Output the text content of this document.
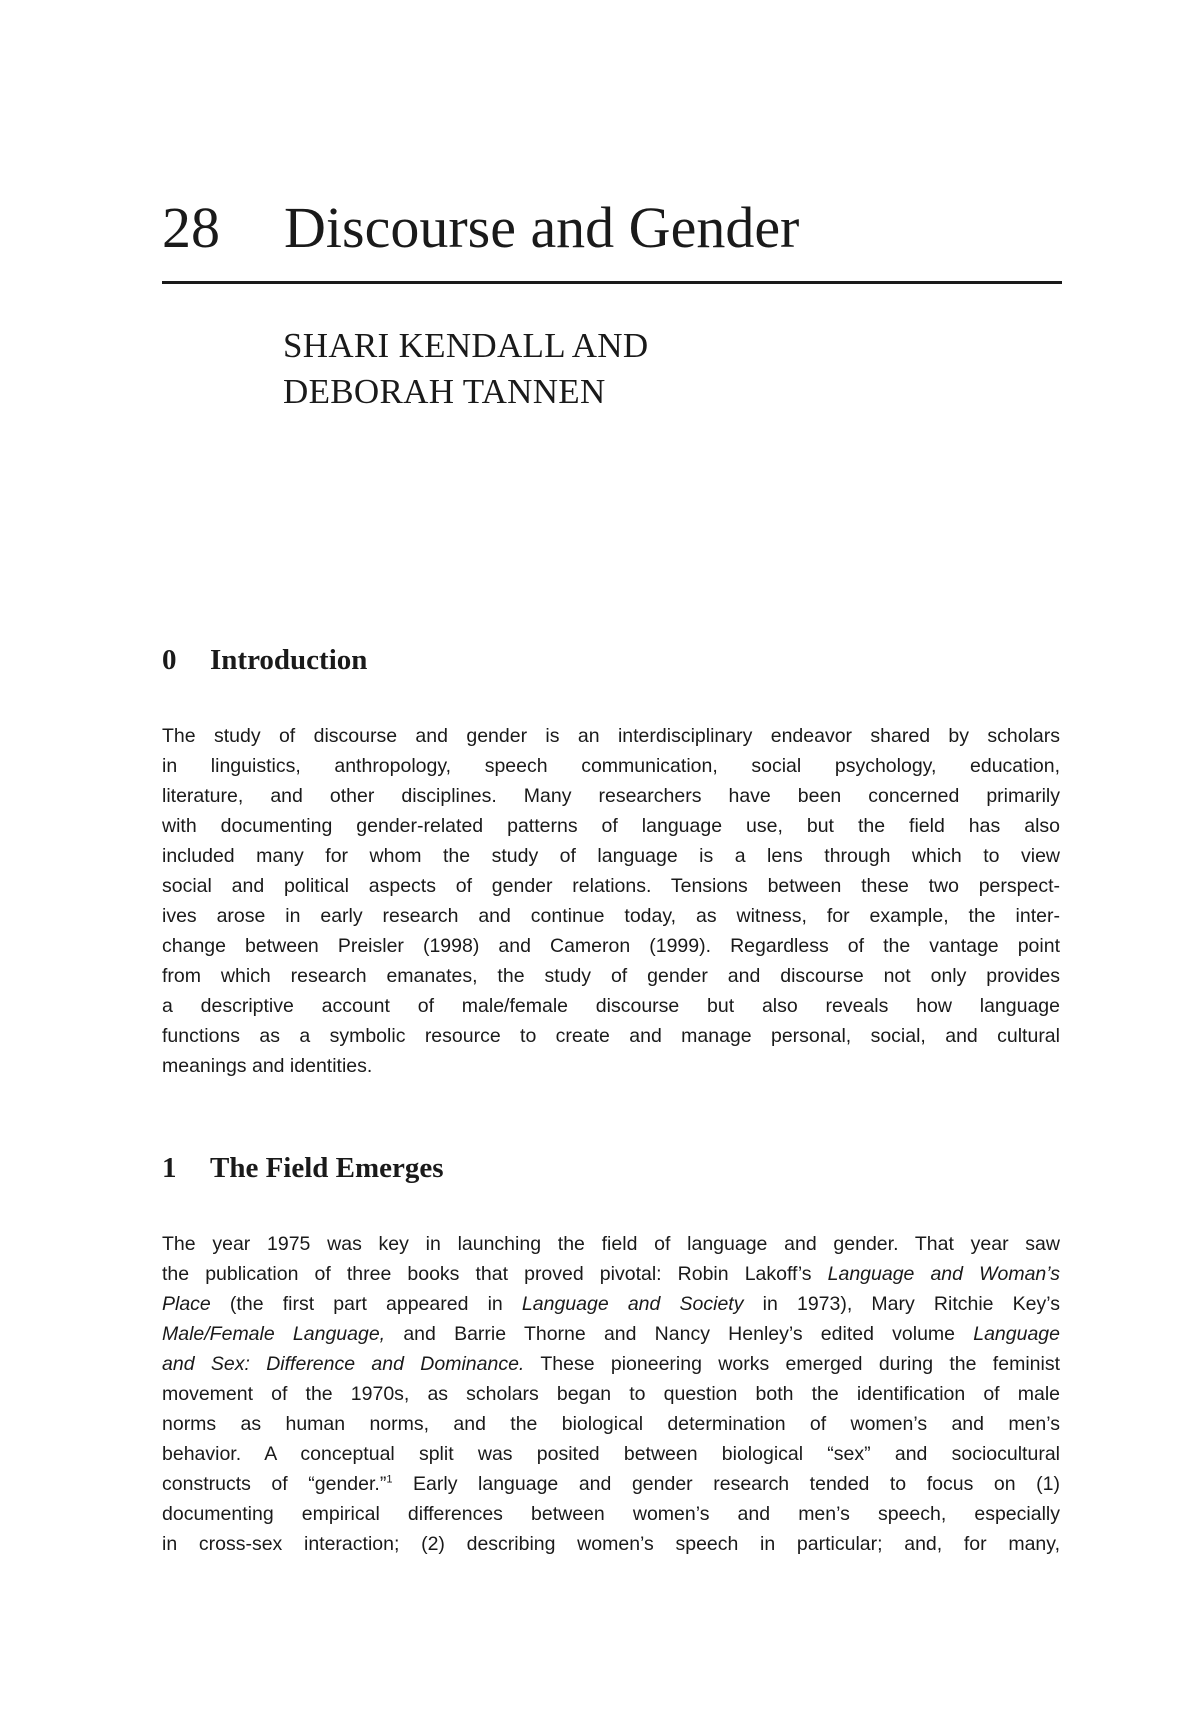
28 Discourse and Gender
SHARI KENDALL AND
DEBORAH TANNEN
0 Introduction
The study of discourse and gender is an interdisciplinary endeavor shared by scholars
in linguistics, anthropology, speech communication, social psychology, education,
literature, and other disciplines. Many researchers have been concerned primarily
with documenting gender-related patterns of language use, but the field has also
included many for whom the study of language is a lens through which to view
social and political aspects of gender relations. Tensions between these two perspect-
ives arose in early research and continue today, as witness, for example, the inter-
change between Preisler (1998) and Cameron (1999). Regardless of the vantage point
from which research emanates, the study of gender and discourse not only provides
a descriptive account of male/female discourse but also reveals how language
functions as a symbolic resource to create and manage personal, social, and cultural
meanings and identities.
1 The Field Emerges
The year 1975 was key in launching the field of language and gender. That year saw
the publication of three books that proved pivotal: Robin Lakoff’s Language and Woman’s
Place (the first part appeared in Language and Society in 1973), Mary Ritchie Key’s
Male/Female Language, and Barrie Thorne and Nancy Henley’s edited volume Language
and Sex: Difference and Dominance. These pioneering works emerged during the feminist
movement of the 1970s, as scholars began to question both the identification of male
norms as human norms, and the biological determination of women’s and men’s
behavior. A conceptual split was posited between biological “sex” and sociocultural
constructs of “gender.”$^1$ Early language and gender research tended to focus on (1)
documenting empirical differences between women’s and men’s speech, especially
in cross-sex interaction; (2) describing women’s speech in particular; and, for many,
